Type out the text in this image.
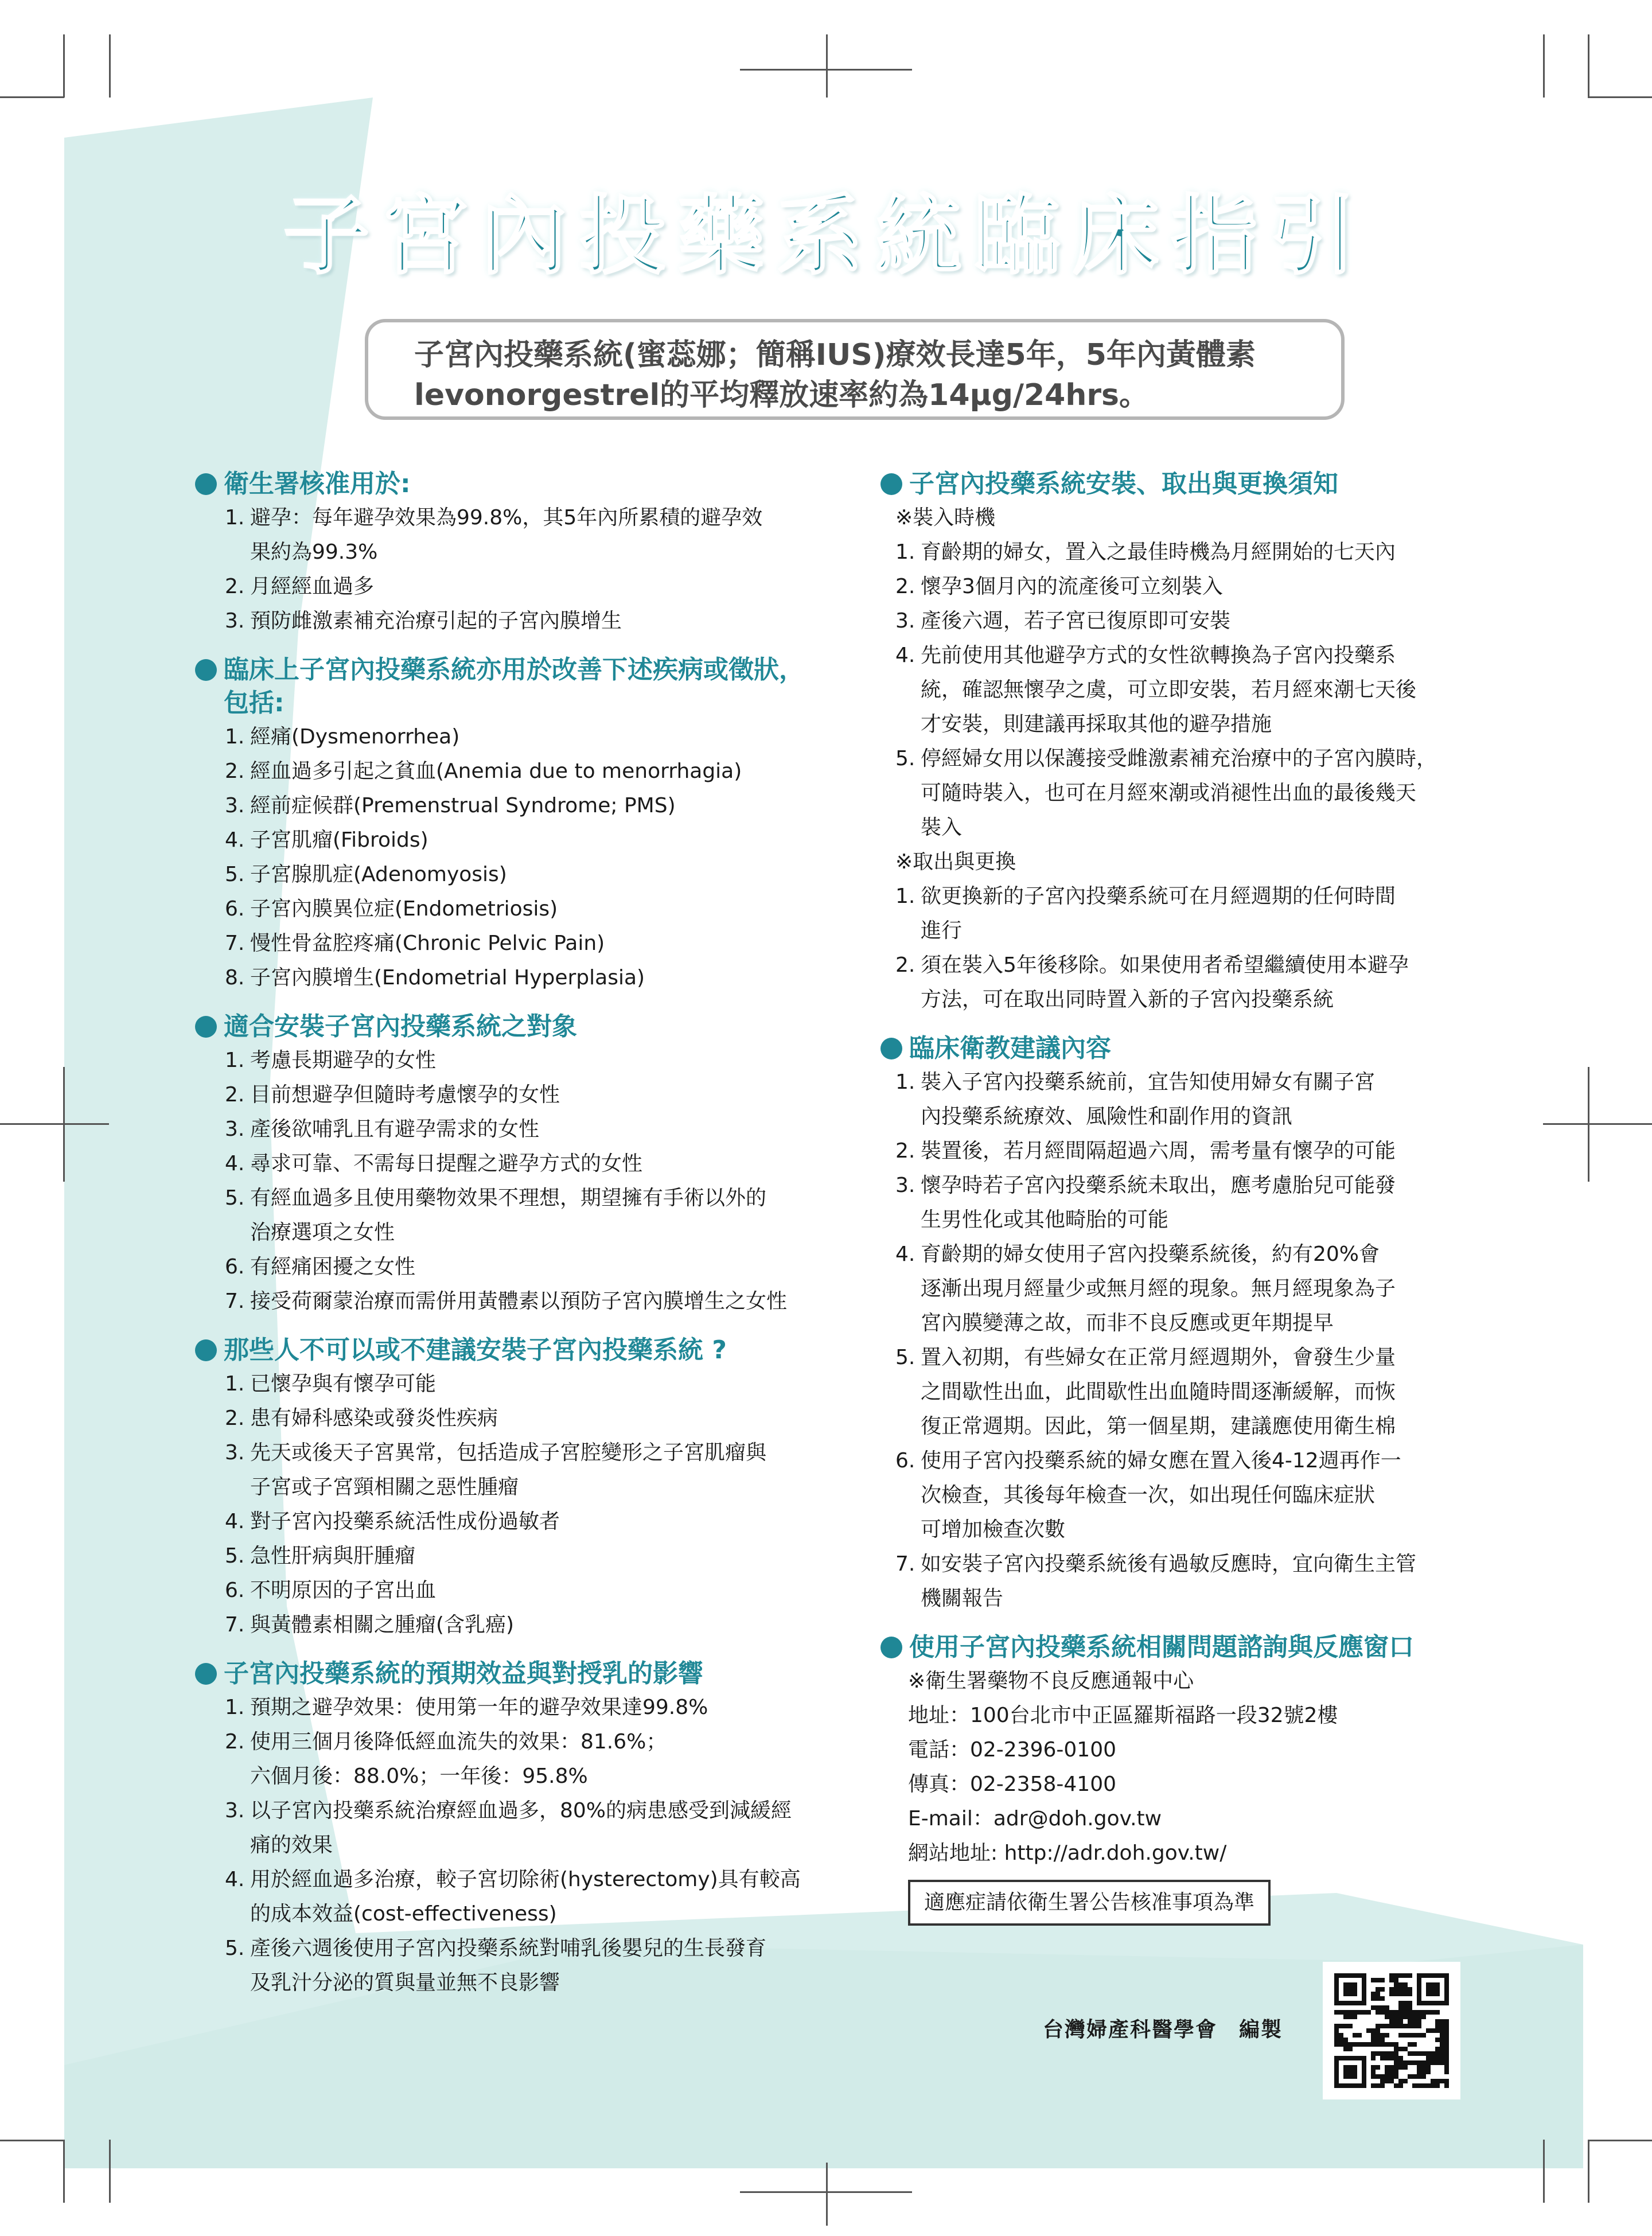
子宮內投藥系統臨床指引
子宮內投藥系統(蜜蕊娜；簡稱IUS)療效長達5年，5年內黃體素
levonorgestrel的平均釋放速率約為14μg/24hrs。
衛生署核准用於:
1. 避孕：每年避孕效果為99.8%，其5年內所累積的避孕效
果約為99.3%
2. 月經經血過多
3. 預防雌激素補充治療引起的子宮內膜增生
臨床上子宮內投藥系統亦用於改善下述疾病或徵狀，
包括:
1. 經痛(Dysmenorrhea)
2. 經血過多引起之貧血(Anemia due to menorrhagia)
3. 經前症候群(Premenstrual Syndrome; PMS)
4. 子宮肌瘤(Fibroids)
5. 子宮腺肌症(Adenomyosis)
6. 子宮內膜異位症(Endometriosis)
7. 慢性骨盆腔疼痛(Chronic Pelvic Pain)
8. 子宮內膜增生(Endometrial Hyperplasia)
適合安裝子宮內投藥系統之對象
1. 考慮長期避孕的女性
2. 目前想避孕但隨時考慮懷孕的女性
3. 產後欲哺乳且有避孕需求的女性
4. 尋求可靠、不需每日提醒之避孕方式的女性
5. 有經血過多且使用藥物效果不理想，期望擁有手術以外的
治療選項之女性
6. 有經痛困擾之女性
7. 接受荷爾蒙治療而需併用黃體素以預防子宮內膜增生之女性
那些人不可以或不建議安裝子宮內投藥系統 ?
1. 已懷孕與有懷孕可能
2. 患有婦科感染或發炎性疾病
3. 先天或後天子宮異常，包括造成子宮腔變形之子宮肌瘤與
子宮或子宮頸相關之惡性腫瘤
4. 對子宮內投藥系統活性成份過敏者
5. 急性肝病與肝腫瘤
6. 不明原因的子宮出血
7. 與黃體素相關之腫瘤(含乳癌)
子宮內投藥系統的預期效益與對授乳的影響
1. 預期之避孕效果：使用第一年的避孕效果達99.8%
2. 使用三個月後降低經血流失的效果：81.6%；
六個月後：88.0%；一年後：95.8%
3. 以子宮內投藥系統治療經血過多，80%的病患感受到減緩經
痛的效果
4. 用於經血過多治療，較子宮切除術(hysterectomy)具有較高
的成本效益(cost-effectiveness)
5. 產後六週後使用子宮內投藥系統對哺乳後嬰兒的生長發育
及乳汁分泌的質與量並無不良影響
子宮內投藥系統安裝、取出與更換須知
※裝入時機
1. 育齡期的婦女，置入之最佳時機為月經開始的七天內
2. 懷孕3個月內的流產後可立刻裝入
3. 產後六週，若子宮已復原即可安裝
4. 先前使用其他避孕方式的女性欲轉換為子宮內投藥系
統，確認無懷孕之虞，可立即安裝，若月經來潮七天後
才安裝，則建議再採取其他的避孕措施
5. 停經婦女用以保護接受雌激素補充治療中的子宮內膜時，
可隨時裝入，也可在月經來潮或消褪性出血的最後幾天
裝入
※取出與更換
1. 欲更換新的子宮內投藥系統可在月經週期的任何時間
進行
2. 須在裝入5年後移除。如果使用者希望繼續使用本避孕
方法，可在取出同時置入新的子宮內投藥系統
臨床衛教建議內容
1. 裝入子宮內投藥系統前，宜告知使用婦女有關子宮
內投藥系統療效、風險性和副作用的資訊
2. 裝置後，若月經間隔超過六周，需考量有懷孕的可能
3. 懷孕時若子宮內投藥系統未取出，應考慮胎兒可能發
生男性化或其他畸胎的可能
4. 育齡期的婦女使用子宮內投藥系統後，約有20%會
逐漸出現月經量少或無月經的現象。無月經現象為子
宮內膜變薄之故，而非不良反應或更年期提早
5. 置入初期，有些婦女在正常月經週期外，會發生少量
之間歇性出血，此間歇性出血隨時間逐漸緩解，而恢
復正常週期。因此，第一個星期，建議應使用衛生棉
6. 使用子宮內投藥系統的婦女應在置入後4-12週再作一
次檢查，其後每年檢查一次，如出現任何臨床症狀
可增加檢查次數
7. 如安裝子宮內投藥系統後有過敏反應時，宜向衛生主管
機關報告
使用子宮內投藥系統相關問題諮詢與反應窗口
※衛生署藥物不良反應通報中心
地址：100台北市中正區羅斯福路一段32號2樓
電話：02-2396-0100
傳真：02-2358-4100
E-mail：adr@doh.gov.tw
網站地址: http://adr.doh.gov.tw/
適應症請依衛生署公告核准事項為準
台灣婦產科醫學會　編製
